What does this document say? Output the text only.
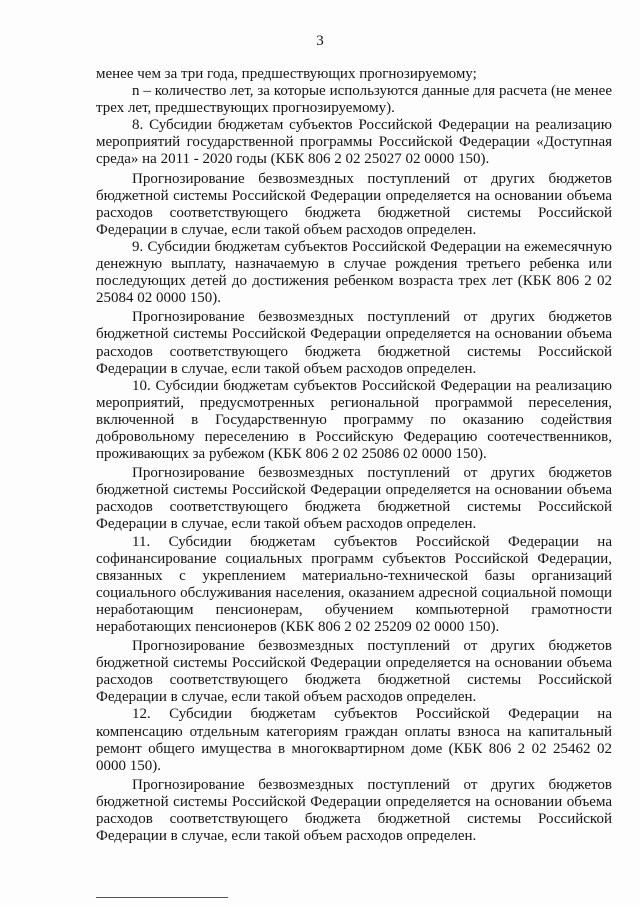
3

менее чем за три года, предшествующих прогнозируемому;

n – количество лет, за которые используются данные для расчета (не менее трех лет, предшествующих прогнозируемому).

8. Субсидии бюджетам субъектов Российской Федерации на реализацию мероприятий государственной программы Российской Федерации «Доступная среда» на 2011 - 2020 годы (КБК 806 2 02 25027 02 0000 150).

Прогнозирование безвозмездных поступлений от других бюджетов бюджетной системы Российской Федерации определяется на основании объема расходов соответствующего бюджета бюджетной системы Российской Федерации в случае, если такой объем расходов определен.

9. Субсидии бюджетам субъектов Российской Федерации на ежемесячную денежную выплату, назначаемую в случае рождения третьего ребенка или последующих детей до достижения ребенком возраста трех лет (КБК 806 2 02 25084 02 0000 150).

Прогнозирование безвозмездных поступлений от других бюджетов бюджетной системы Российской Федерации определяется на основании объема расходов соответствующего бюджета бюджетной системы Российской Федерации в случае, если такой объем расходов определен.

10. Субсидии бюджетам субъектов Российской Федерации на реализацию мероприятий, предусмотренных региональной программой переселения, включенной в Государственную программу по оказанию содействия добровольному переселению в Российскую Федерацию соотечественников, проживающих за рубежом (КБК 806 2 02 25086 02 0000 150).

Прогнозирование безвозмездных поступлений от других бюджетов бюджетной системы Российской Федерации определяется на основании объема расходов соответствующего бюджета бюджетной системы Российской Федерации в случае, если такой объем расходов определен.

11. Субсидии бюджетам субъектов Российской Федерации на софинансирование социальных программ субъектов Российской Федерации, связанных с укреплением материально-технической базы организаций социального обслуживания населения, оказанием адресной социальной помощи неработающим пенсионерам, обучением компьютерной грамотности неработающих пенсионеров (КБК 806 2 02 25209 02 0000 150).

Прогнозирование безвозмездных поступлений от других бюджетов бюджетной системы Российской Федерации определяется на основании объема расходов соответствующего бюджета бюджетной системы Российской Федерации в случае, если такой объем расходов определен.

12. Субсидии бюджетам субъектов Российской Федерации на компенсацию отдельным категориям граждан оплаты взноса на капитальный ремонт общего имущества в многоквартирном доме (КБК 806 2 02 25462 02 0000 150).

Прогнозирование безвозмездных поступлений от других бюджетов бюджетной системы Российской Федерации определяется на основании объема расходов соответствующего бюджета бюджетной системы Российской Федерации в случае, если такой объем расходов определен.
